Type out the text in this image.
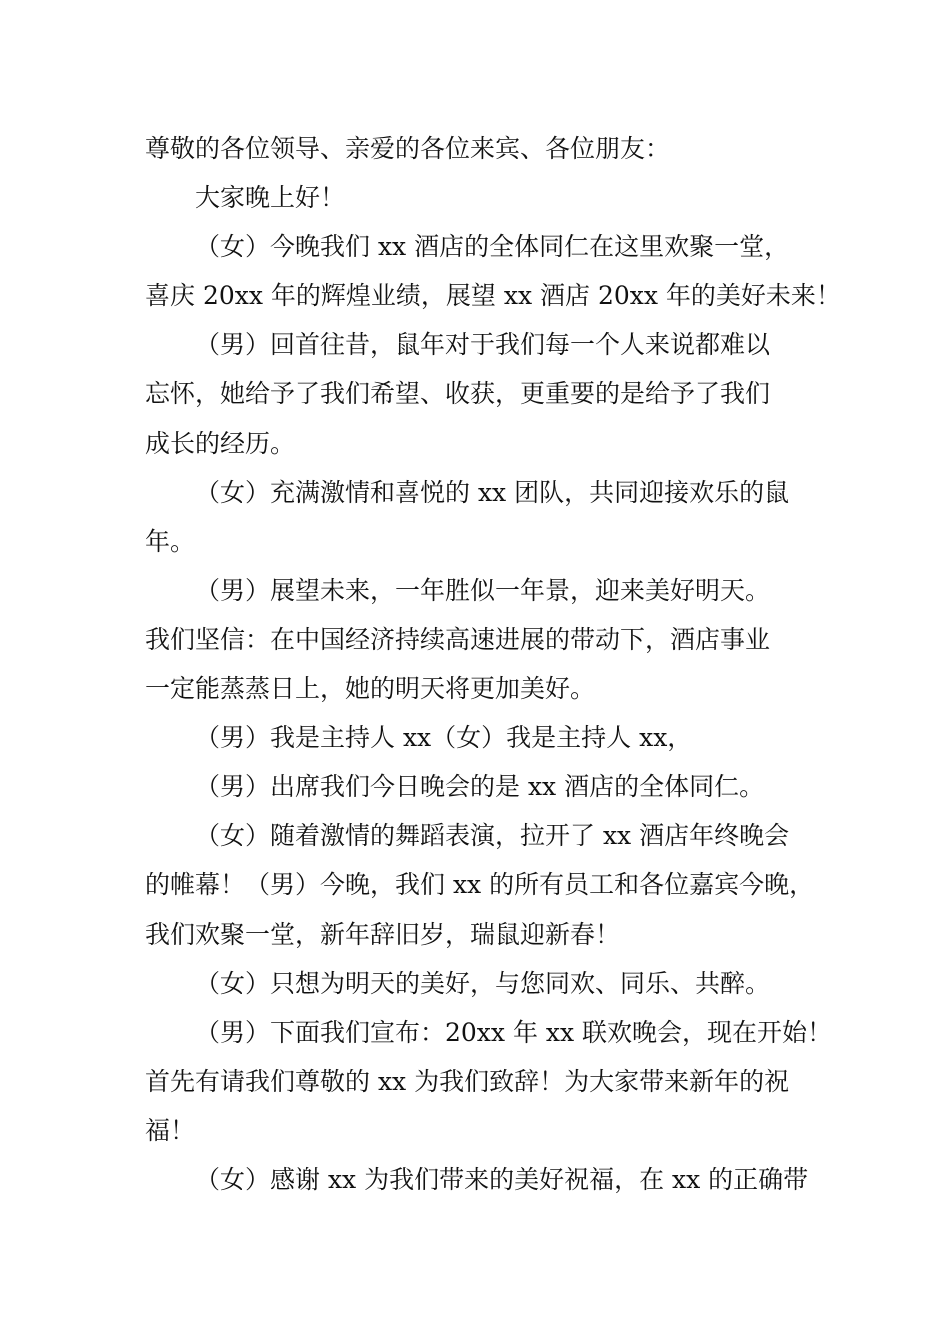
尊敬的各位领导、亲爱的各位来宾、各位朋友：
大家晚上好！
（女）今晚我们 xx 酒店的全体同仁在这里欢聚一堂，
喜庆 20xx 年的辉煌业绩，展望 xx 酒店 20xx 年的美好未来！
（男）回首往昔，鼠年对于我们每一个人来说都难以
忘怀，她给予了我们希望、收获，更重要的是给予了我们
成长的经历。
（女）充满激情和喜悦的 xx 团队，共同迎接欢乐的鼠
年。
（男）展望未来，一年胜似一年景，迎来美好明天。
我们坚信：在中国经济持续高速进展的带动下，酒店事业
一定能蒸蒸日上，她的明天将更加美好。
（男）我是主持人 xx（女）我是主持人 xx，
（男）出席我们今日晚会的是 xx 酒店的全体同仁。
（女）随着激情的舞蹈表演，拉开了 xx 酒店年终晚会
的帷幕！（男）今晚，我们 xx 的所有员工和各位嘉宾今晚，
我们欢聚一堂，新年辞旧岁，瑞鼠迎新春！
（女）只想为明天的美好，与您同欢、同乐、共醉。
（男）下面我们宣布：20xx 年 xx 联欢晚会，现在开始！
首先有请我们尊敬的 xx 为我们致辞！为大家带来新年的祝
福！
（女）感谢 xx 为我们带来的美好祝福，在 xx 的正确带
